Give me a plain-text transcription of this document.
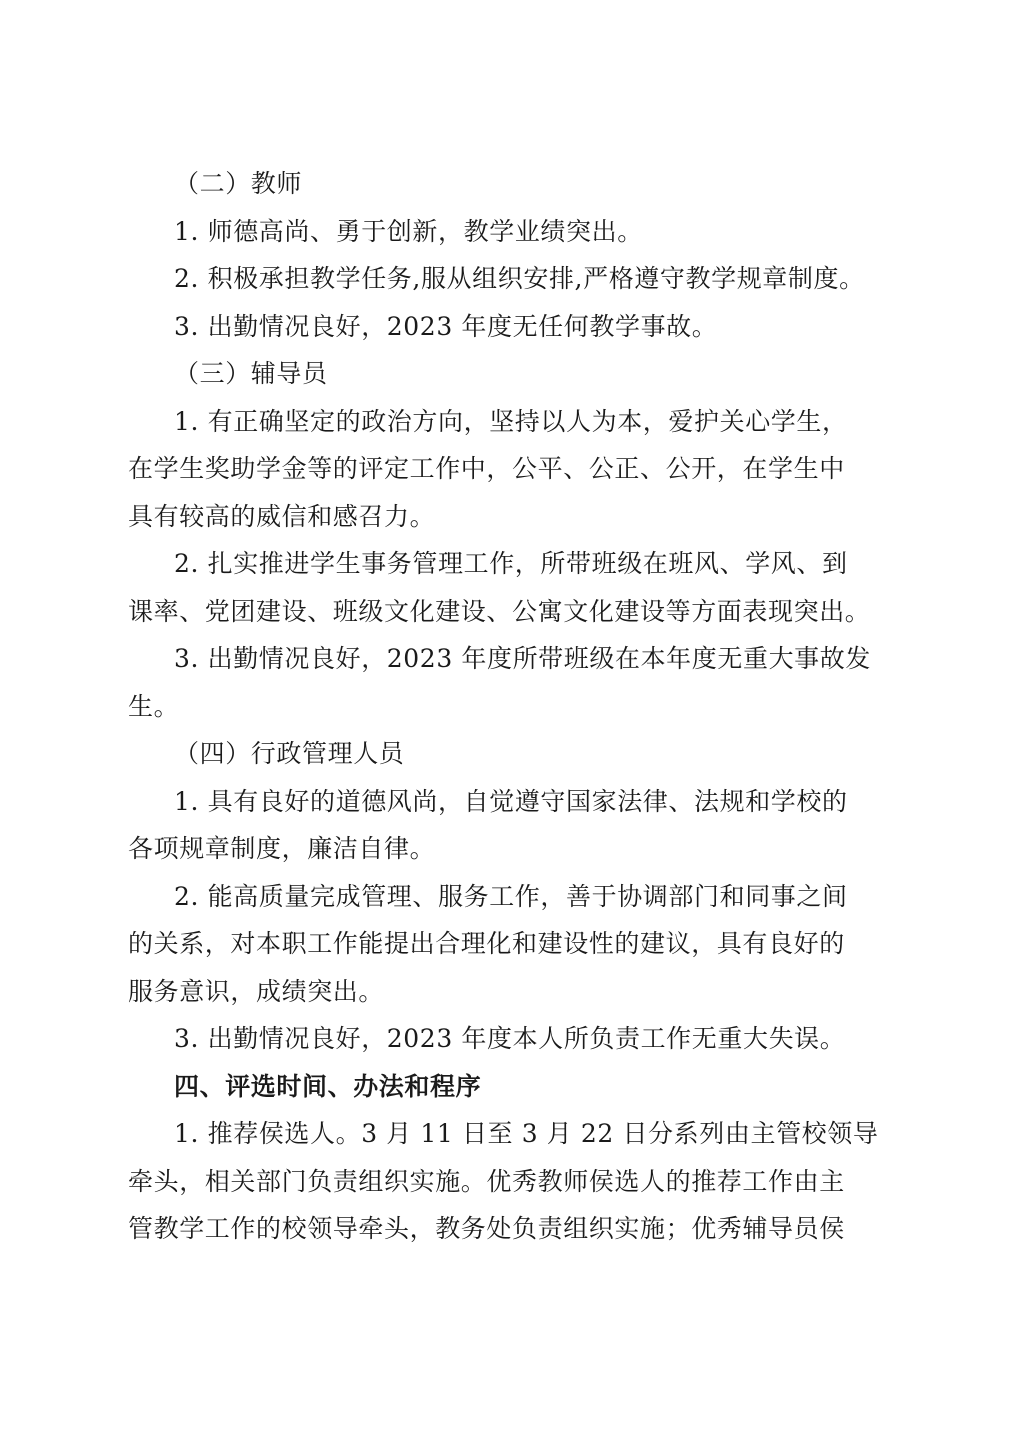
（二）教师
1. 师德高尚、勇于创新，教学业绩突出。
2. 积极承担教学任务,服从组织安排,严格遵守教学规章制度。
3. 出勤情况良好，2023 年度无任何教学事故。
（三）辅导员
1. 有正确坚定的政治方向，坚持以人为本，爱护关心学生，
在学生奖助学金等的评定工作中，公平、公正、公开，在学生中
具有较高的威信和感召力。
2. 扎实推进学生事务管理工作，所带班级在班风、学风、到
课率、党团建设、班级文化建设、公寓文化建设等方面表现突出。
3. 出勤情况良好，2023 年度所带班级在本年度无重大事故发
生。
（四）行政管理人员
1. 具有良好的道德风尚，自觉遵守国家法律、法规和学校的
各项规章制度，廉洁自律。
2. 能高质量完成管理、服务工作，善于协调部门和同事之间
的关系，对本职工作能提出合理化和建设性的建议，具有良好的
服务意识，成绩突出。
3. 出勤情况良好，2023 年度本人所负责工作无重大失误。
四、评选时间、办法和程序
1. 推荐侯选人。3 月 11 日至 3 月 22 日分系列由主管校领导
牵头，相关部门负责组织实施。优秀教师侯选人的推荐工作由主
管教学工作的校领导牵头，教务处负责组织实施；优秀辅导员侯
